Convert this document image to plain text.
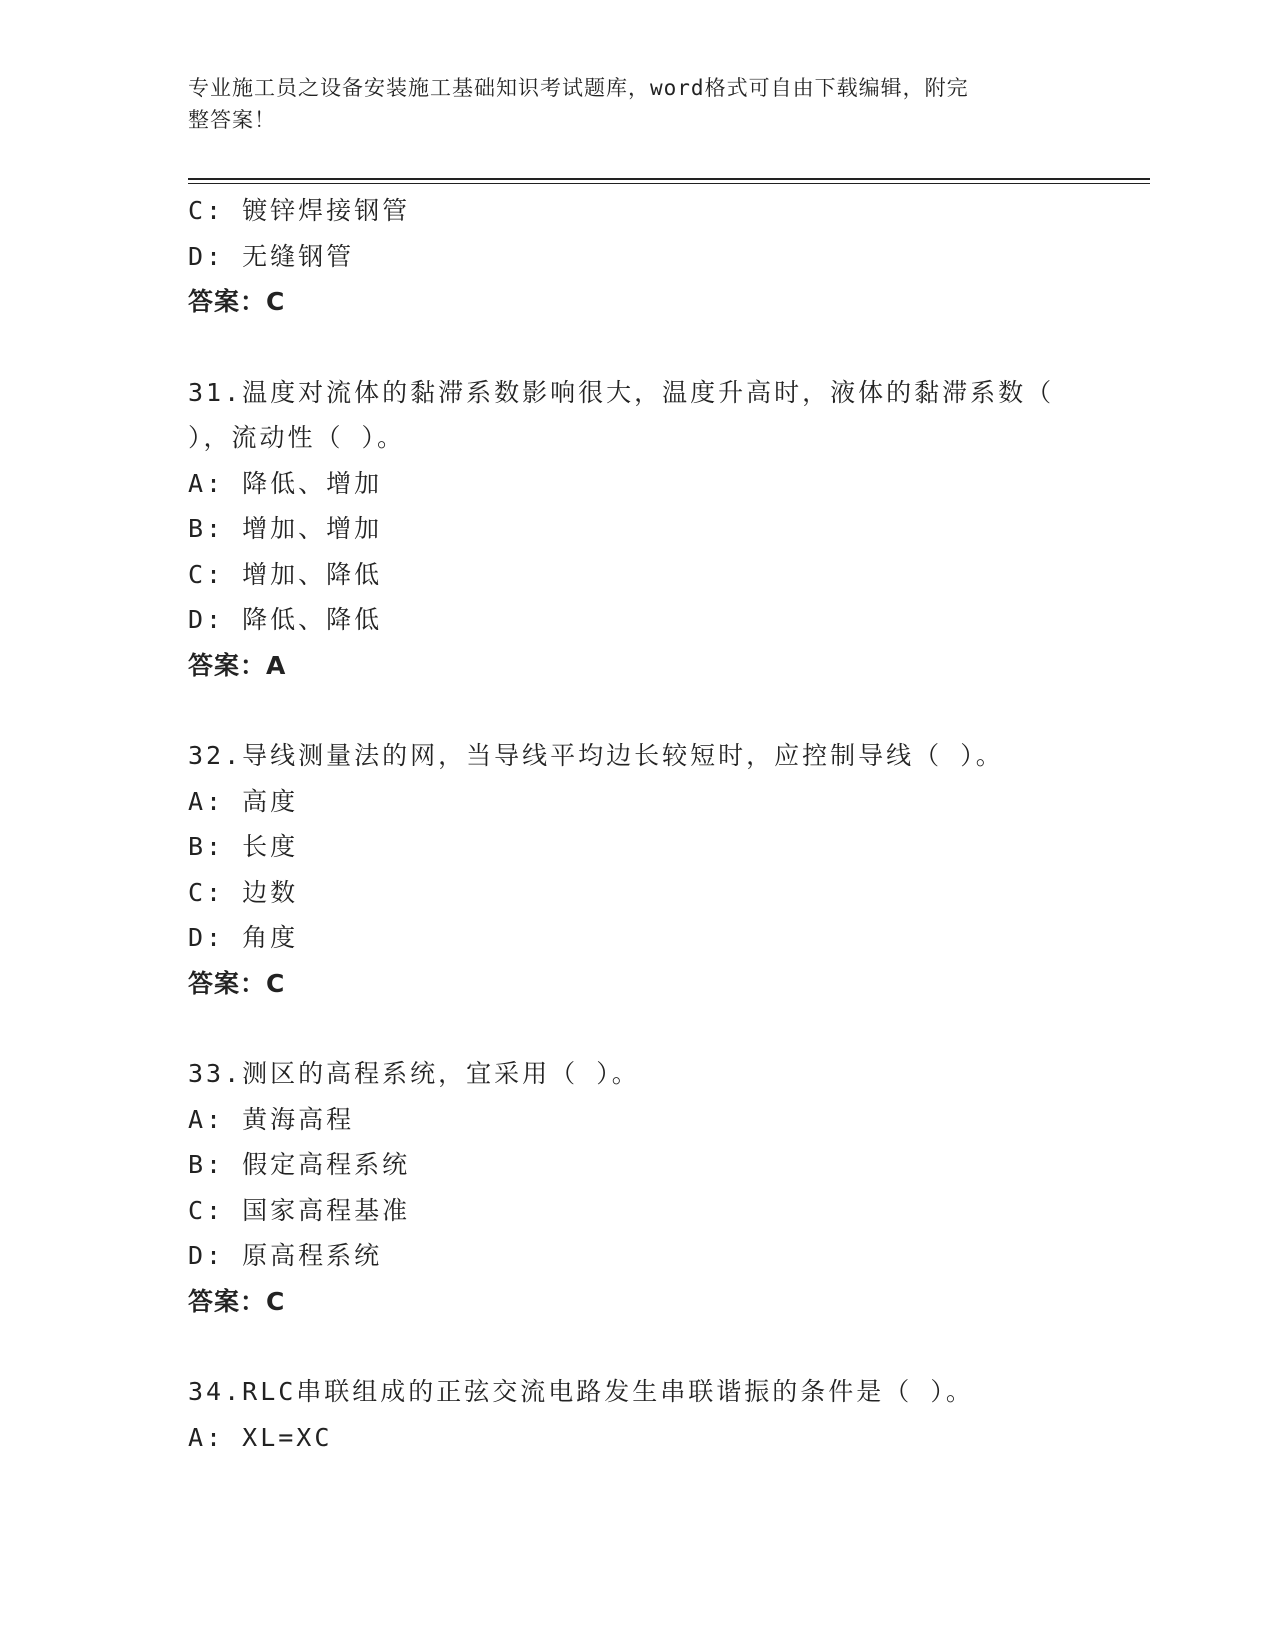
专业施工员之设备安装施工基础知识考试题库，word格式可自由下载编辑，附完
整答案！
C: 镀锌焊接钢管
D: 无缝钢管
答案：C
31.温度对流体的黏滞系数影响很大，温度升高时，液体的黏滞系数（
），流动性（ ）。
A: 降低、增加
B: 增加、增加
C: 增加、降低
D: 降低、降低
答案：A
32.导线测量法的网，当导线平均边长较短时，应控制导线（ ）。
A: 高度
B: 长度
C: 边数
D: 角度
答案：C
33.测区的高程系统，宜采用（ ）。
A: 黄海高程
B: 假定高程系统
C: 国家高程基准
D: 原高程系统
答案：C
34.RLC串联组成的正弦交流电路发生串联谐振的条件是（ ）。
A: XL=XC
